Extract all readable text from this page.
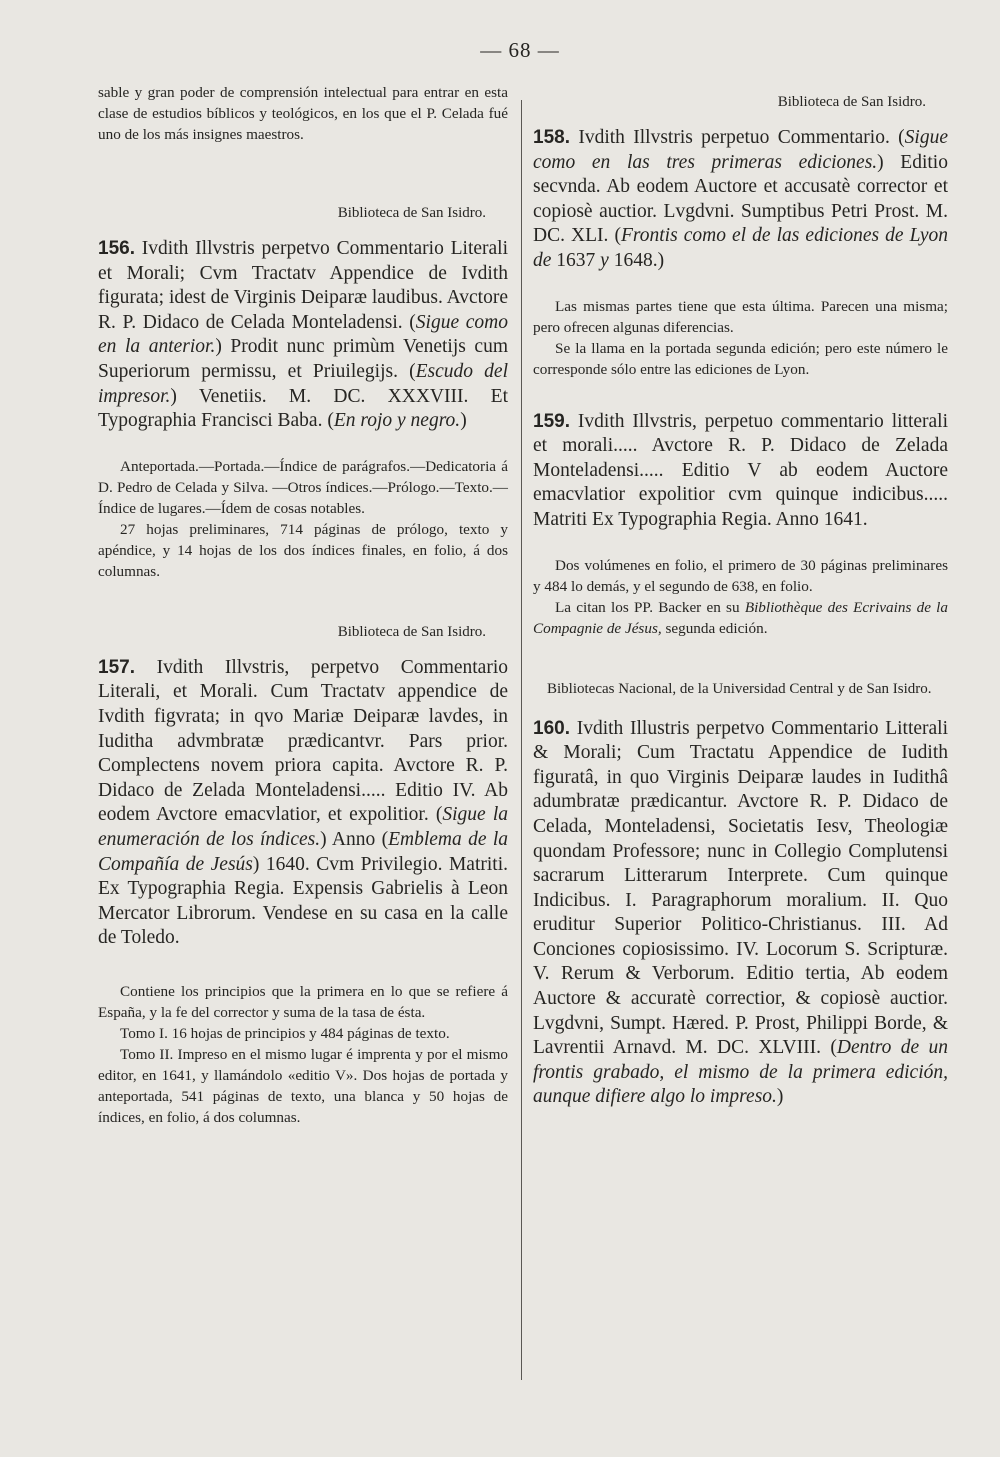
— 68 —

sable y gran poder de comprensión intelectual para entrar en esta clase de estudios bíblicos y teológicos, en los que el P. Celada fué uno de los más insignes maestros.

Biblioteca de San Isidro.

156. Ivdith Illvstris perpetvo Commentario Literali et Morali; Cvm Tractatv Appendice de Ivdith figurata; idest de Virginis Deiparæ laudibus. Avctore R. P. Didaco de Celada Monteladensi. (Sigue como en la anterior.) Prodit nunc primùm Venetijs cum Superiorum permissu, et Priuilegijs. (Escudo del impresor.) Venetiis. M. DC. XXXVIII. Et Typographia Francisci Baba. (En rojo y negro.)

Anteportada.—Portada.—Índice de parágrafos.—Dedicatoria á D. Pedro de Celada y Silva. —Otros índices.—Prólogo.—Texto.— Índice de lugares.—Ídem de cosas notables.

27 hojas preliminares, 714 páginas de prólogo, texto y apéndice, y 14 hojas de los dos índices finales, en folio, á dos columnas.

Biblioteca de San Isidro.

157. Ivdith Illvstris, perpetvo Commentario Literali, et Morali. Cum Tractatv appendice de Ivdith figvrata; in qvo Mariæ Deiparæ lavdes, in Iuditha advmbratæ prædicantvr. Pars prior. Complectens novem priora capita. Avctore R. P. Didaco de Zelada Monteladensi..... Editio IV. Ab eodem Avctore emacvlatior, et expolitior. (Sigue la enumeración de los índices.) Anno (Emblema de la Compañía de Jesús) 1640. Cvm Privilegio. Matriti. Ex Typographia Regia. Expensis Gabrielis à Leon Mercator Librorum. Vendese en su casa en la calle de Toledo.

Contiene los principios que la primera en lo que se refiere á España, y la fe del corrector y suma de la tasa de ésta.

Tomo I. 16 hojas de principios y 484 páginas de texto.

Tomo II. Impreso en el mismo lugar é imprenta y por el mismo editor, en 1641, y llamándolo «editio V». Dos hojas de portada y anteportada, 541 páginas de texto, una blanca y 50 hojas de índices, en folio, á dos columnas.

Biblioteca de San Isidro.

158. Ivdith Illvstris perpetuo Commentario. (Sigue como en las tres primeras ediciones.) Editio secvnda. Ab eodem Auctore et accusatè corrector et copiosè auctior. Lvgdvni. Sumptibus Petri Prost. M. DC. XLI. (Frontis como el de las ediciones de Lyon de 1637 y 1648.)

Las mismas partes tiene que esta última. Parecen una misma; pero ofrecen algunas diferencias.

Se la llama en la portada segunda edición; pero este número le corresponde sólo entre las ediciones de Lyon.

159. Ivdith Illvstris, perpetuo commentario litterali et morali..... Avctore R. P. Didaco de Zelada Monteladensi..... Editio V ab eodem Auctore emacvlatior expolitior cvm quinque indicibus..... Matriti Ex Typographia Regia. Anno 1641.

Dos volúmenes en folio, el primero de 30 páginas preliminares y 484 lo demás, y el segundo de 638, en folio.

La citan los PP. Backer en su Bibliothèque des Ecrivains de la Compagnie de Jésus, segunda edición.

Bibliotecas Nacional, de la Universidad Central y de San Isidro.

160. Ivdith Illustris perpetvo Commentario Litterali & Morali; Cum Tractatu Appendice de Iudith figuratâ, in quo Virginis Deiparæ laudes in Iudithâ adumbratæ prædicantur. Avctore R. P. Didaco de Celada, Monteladensi, Societatis Iesv, Theologiæ quondam Professore; nunc in Collegio Complutensi sacrarum Litterarum Interprete. Cum quinque Indicibus. I. Paragraphorum moralium. II. Quo eruditur Superior Politico-Christianus. III. Ad Conciones copiosissimo. IV. Locorum S. Scripturæ. V. Rerum & Verborum. Editio tertia, Ab eodem Auctore & accuratè correctior, & copiosè auctior. Lvgdvni, Sumpt. Hæred. P. Prost, Philippi Borde, & Lavrentii Arnavd. M. DC. XLVIII. (Dentro de un frontis grabado, el mismo de la primera edición, aunque difiere algo lo impreso.)
